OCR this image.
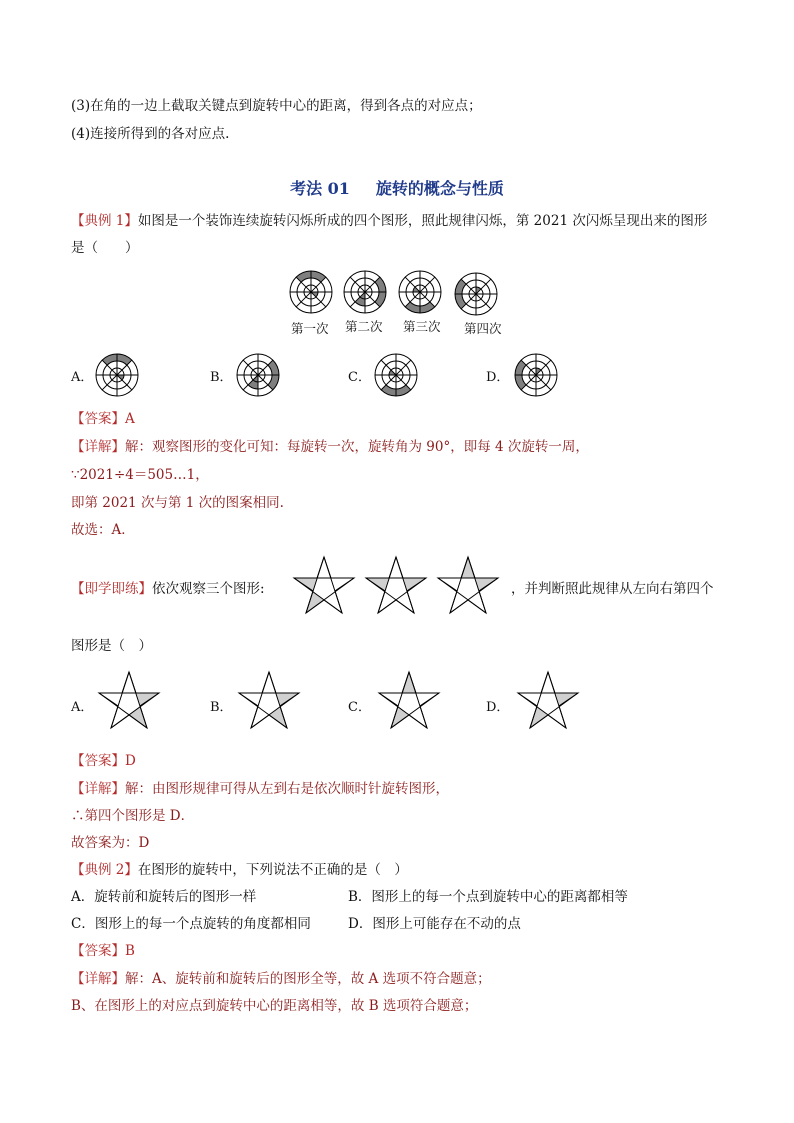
(3)在角的一边上截取关键点到旋转中心的距离，得到各点的对应点；
(4)连接所得到的各对应点.
考法 01 旋转的概念与性质
【典例 1】如图是一个装饰连续旋转闪烁所成的四个图形，照此规律闪烁，第 2021 次闪烁呈现出来的图形
是（　　）
第一次 第二次 第三次 第四次
A．	B．	C．	D．
【答案】A
【详解】解：观察图形的变化可知：每旋转一次，旋转角为 90°，即每 4 次旋转一周，
∵2021÷4＝505…1，
即第 2021 次与第 1 次的图案相同.
故选：A．
【即学即练】依次观察三个图形:	，并判断照此规律从左向右第四个
图形是（　）
A．	B．	C．	D．
【答案】D
【详解】解：由图形规律可得从左到右是依次顺时针旋转图形，
∴第四个图形是 D．
故答案为：D
【典例 2】在图形的旋转中，下列说法不正确的是（　）
A．旋转前和旋转后的图形一样	B．图形上的每一个点到旋转中心的距离都相等
C．图形上的每一个点旋转的角度都相同	D．图形上可能存在不动的点
【答案】B
【详解】解：A、旋转前和旋转后的图形全等，故 A 选项不符合题意；
B、在图形上的对应点到旋转中心的距离相等，故 B 选项符合题意；
